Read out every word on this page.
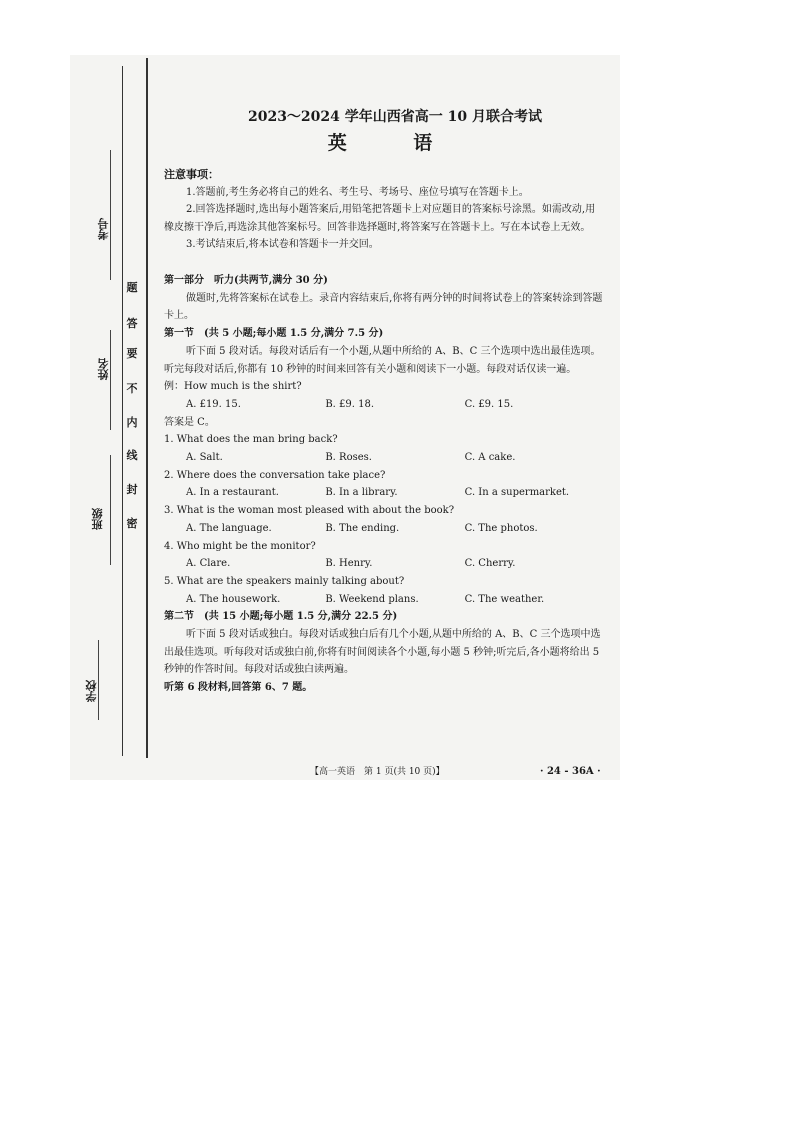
考号
姓名
班级
学校
题
答
要
不
内
线
封
密
2023～2024 学年山西省高一 10 月联合考试
英 语
注意事项：
1.答题前,考生务必将自己的姓名、考生号、考场号、座位号填写在答题卡上。
2.回答选择题时,选出每小题答案后,用铅笔把答题卡上对应题目的答案标号涂黑。如需改动,用橡皮擦干净后,再选涂其他答案标号。回答非选择题时,将答案写在答题卡上。写在本试卷上无效。
3.考试结束后,将本试卷和答题卡一并交回。
第一部分　听力(共两节,满分 30 分)
做题时,先将答案标在试卷上。录音内容结束后,你将有两分钟的时间将试卷上的答案转涂到答题卡上。
第一节　(共 5 小题;每小题 1.5 分,满分 7.5 分)
听下面 5 段对话。每段对话后有一个小题,从题中所给的 A、B、C 三个选项中选出最佳选项。听完每段对话后,你都有 10 秒钟的时间来回答有关小题和阅读下一小题。每段对话仅读一遍。
例：How much is the shirt?
A. £19. 15.	B. £9. 18.	C. £9. 15.
答案是 C。
1. What does the man bring back?
A. Salt.	B. Roses.	C. A cake.
2. Where does the conversation take place?
A. In a restaurant.	B. In a library.	C. In a supermarket.
3. What is the woman most pleased with about the book?
A. The language.	B. The ending.	C. The photos.
4. Who might be the monitor?
A. Clare.	B. Henry.	C. Cherry.
5. What are the speakers mainly talking about?
A. The housework.	B. Weekend plans.	C. The weather.
第二节　(共 15 小题;每小题 1.5 分,满分 22.5 分)
听下面 5 段对话或独白。每段对话或独白后有几个小题,从题中所给的 A、B、C 三个选项中选出最佳选项。听每段对话或独白前,你将有时间阅读各个小题,每小题 5 秒钟;听完后,各小题将给出 5 秒钟的作答时间。每段对话或独白读两遍。
听第 6 段材料,回答第 6、7 题。
【高一英语　第 1 页(共 10 页)】	· 24 - 36A ·
